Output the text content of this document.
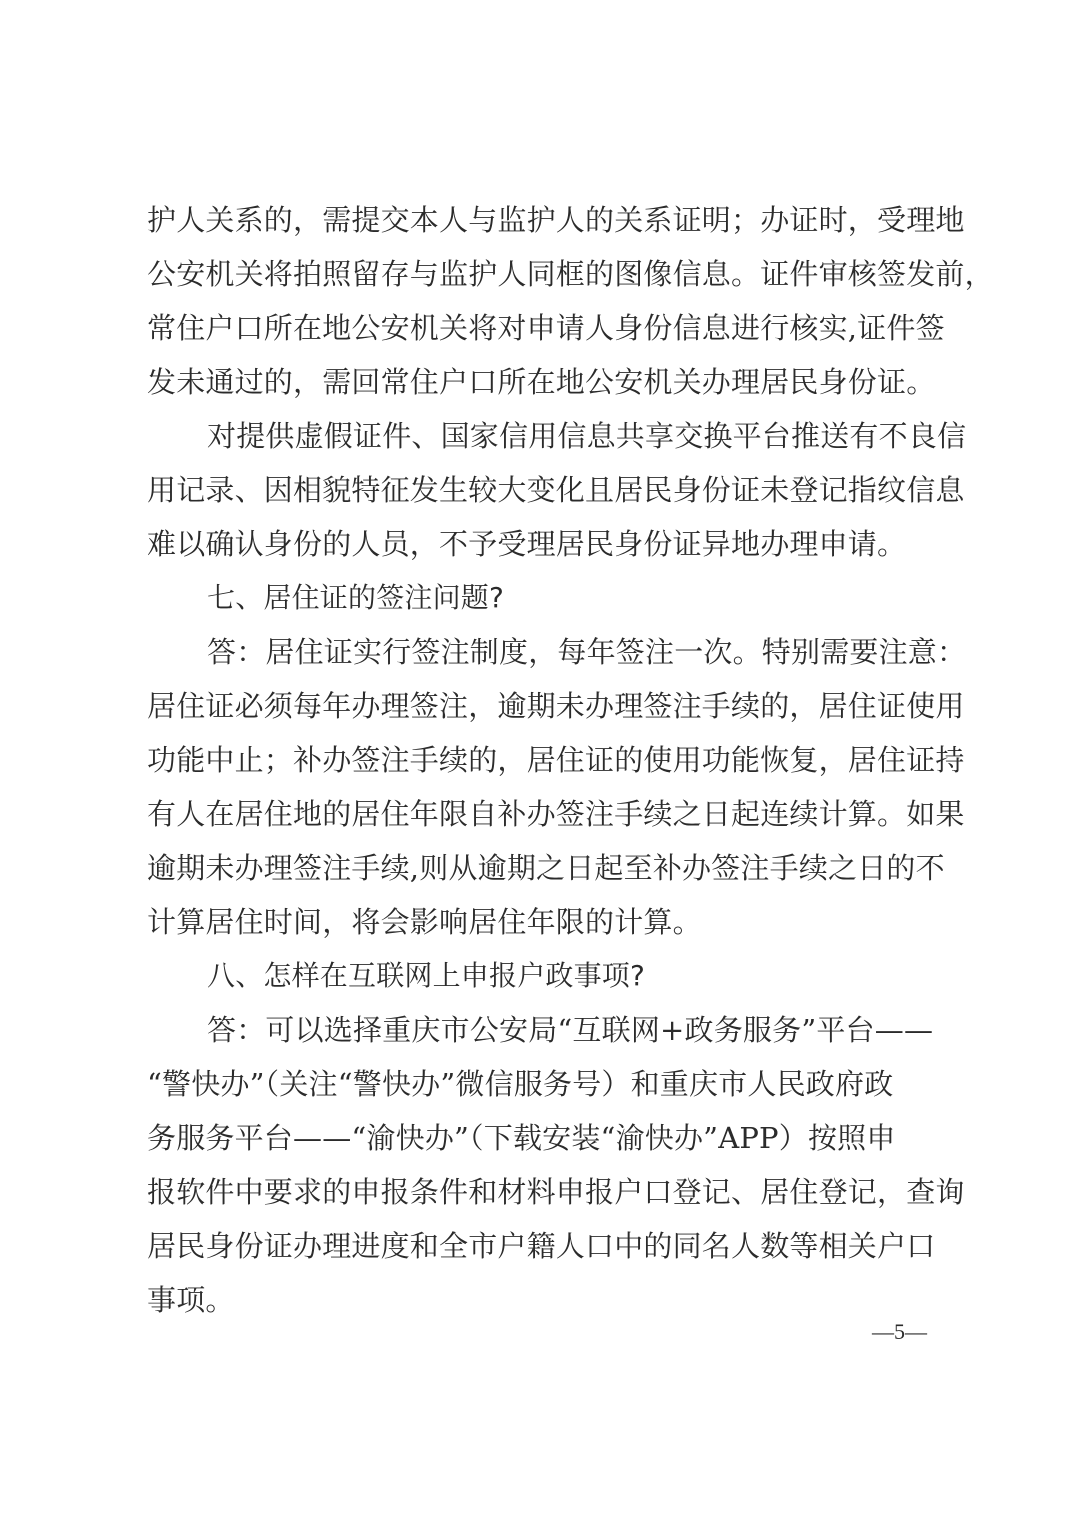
护人关系的，需提交本人与监护人的关系证明；办证时，受理地
公安机关将拍照留存与监护人同框的图像信息。证件审核签发前，
常住户口所在地公安机关将对申请人身份信息进行核实,证件签
发未通过的，需回常住户口所在地公安机关办理居民身份证。
对提供虚假证件、国家信用信息共享交换平台推送有不良信
用记录、因相貌特征发生较大变化且居民身份证未登记指纹信息
难以确认身份的人员，不予受理居民身份证异地办理申请。
七、居住证的签注问题?
答：居住证实行签注制度，每年签注一次。特别需要注意：
居住证必须每年办理签注，逾期未办理签注手续的，居住证使用
功能中止；补办签注手续的，居住证的使用功能恢复，居住证持
有人在居住地的居住年限自补办签注手续之日起连续计算。如果
逾期未办理签注手续,则从逾期之日起至补办签注手续之日的不
计算居住时间，将会影响居住年限的计算。
八、怎样在互联网上申报户政事项?
答：可以选择重庆市公安局“互联网+政务服务”平台——
“警快办”（关注“警快办”微信服务号）和重庆市人民政府政
务服务平台——“渝快办”（下载安装“渝快办”APP）按照申
报软件中要求的申报条件和材料申报户口登记、居住登记，查询
居民身份证办理进度和全市户籍人口中的同名人数等相关户口
事项。
—5—
